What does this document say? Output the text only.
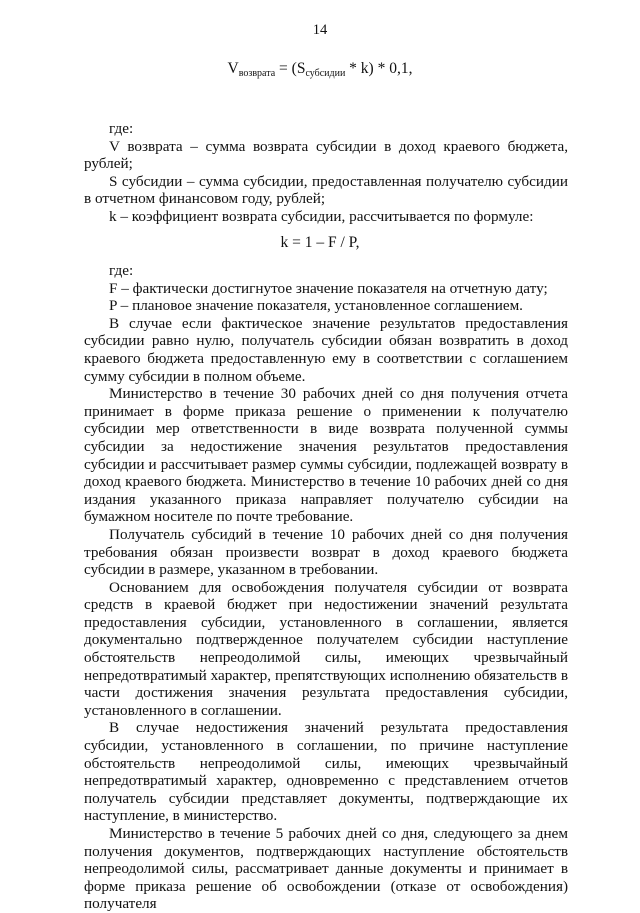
14
$V_{возврата} = (S_{субсидии} * k) * 0,1$,

где:

V возврата – сумма возврата субсидии в доход краевого бюджета, рублей;

S субсидии – сумма субсидии, предоставленная получателю субсидии в отчетном финансовом году, рублей;

k – коэффициент возврата субсидии, рассчитывается по формуле:

k = 1 – F / P,

где:

F – фактически достигнутое значение показателя на отчетную дату;

P – плановое значение показателя, установленное соглашением.

В случае если фактическое значение результатов предоставления субсидии равно нулю, получатель субсидии обязан возвратить в доход краевого бюджета предоставленную ему в соответствии с соглашением сумму субсидии в полном объеме.

Министерство в течение 30 рабочих дней со дня получения отчета принимает в форме приказа решение о применении к получателю субсидии мер ответственности в виде возврата полученной суммы субсидии за недостижение значения результатов предоставления субсидии и рассчитывает размер суммы субсидии, подлежащей возврату в доход краевого бюджета. Министерство в течение 10 рабочих дней со дня издания указанного приказа направляет получателю субсидии на бумажном носителе по почте требование.

Получатель субсидий в течение 10 рабочих дней со дня получения требования обязан произвести возврат в доход краевого бюджета субсидии в размере, указанном в требовании.

Основанием для освобождения получателя субсидии от возврата средств в краевой бюджет при недостижении значений результата предоставления субсидии, установленного в соглашении, является документально подтвержденное получателем субсидии наступление обстоятельств непреодолимой силы, имеющих чрезвычайный непредотвратимый характер, препятствующих исполнению обязательств в части достижения значения результата предоставления субсидии, установленного в соглашении.

В случае недостижения значений результата предоставления субсидии, установленного в соглашении, по причине наступление обстоятельств непреодолимой силы, имеющих чрезвычайный непредотвратимый характер, одновременно с представлением отчетов получатель субсидии представляет документы, подтверждающие их наступление, в министерство.

Министерство в течение 5 рабочих дней со дня, следующего за днем получения документов, подтверждающих наступление обстоятельств непреодолимой силы, рассматривает данные документы и принимает в форме приказа решение об освобождении (отказе от освобождения) получателя
